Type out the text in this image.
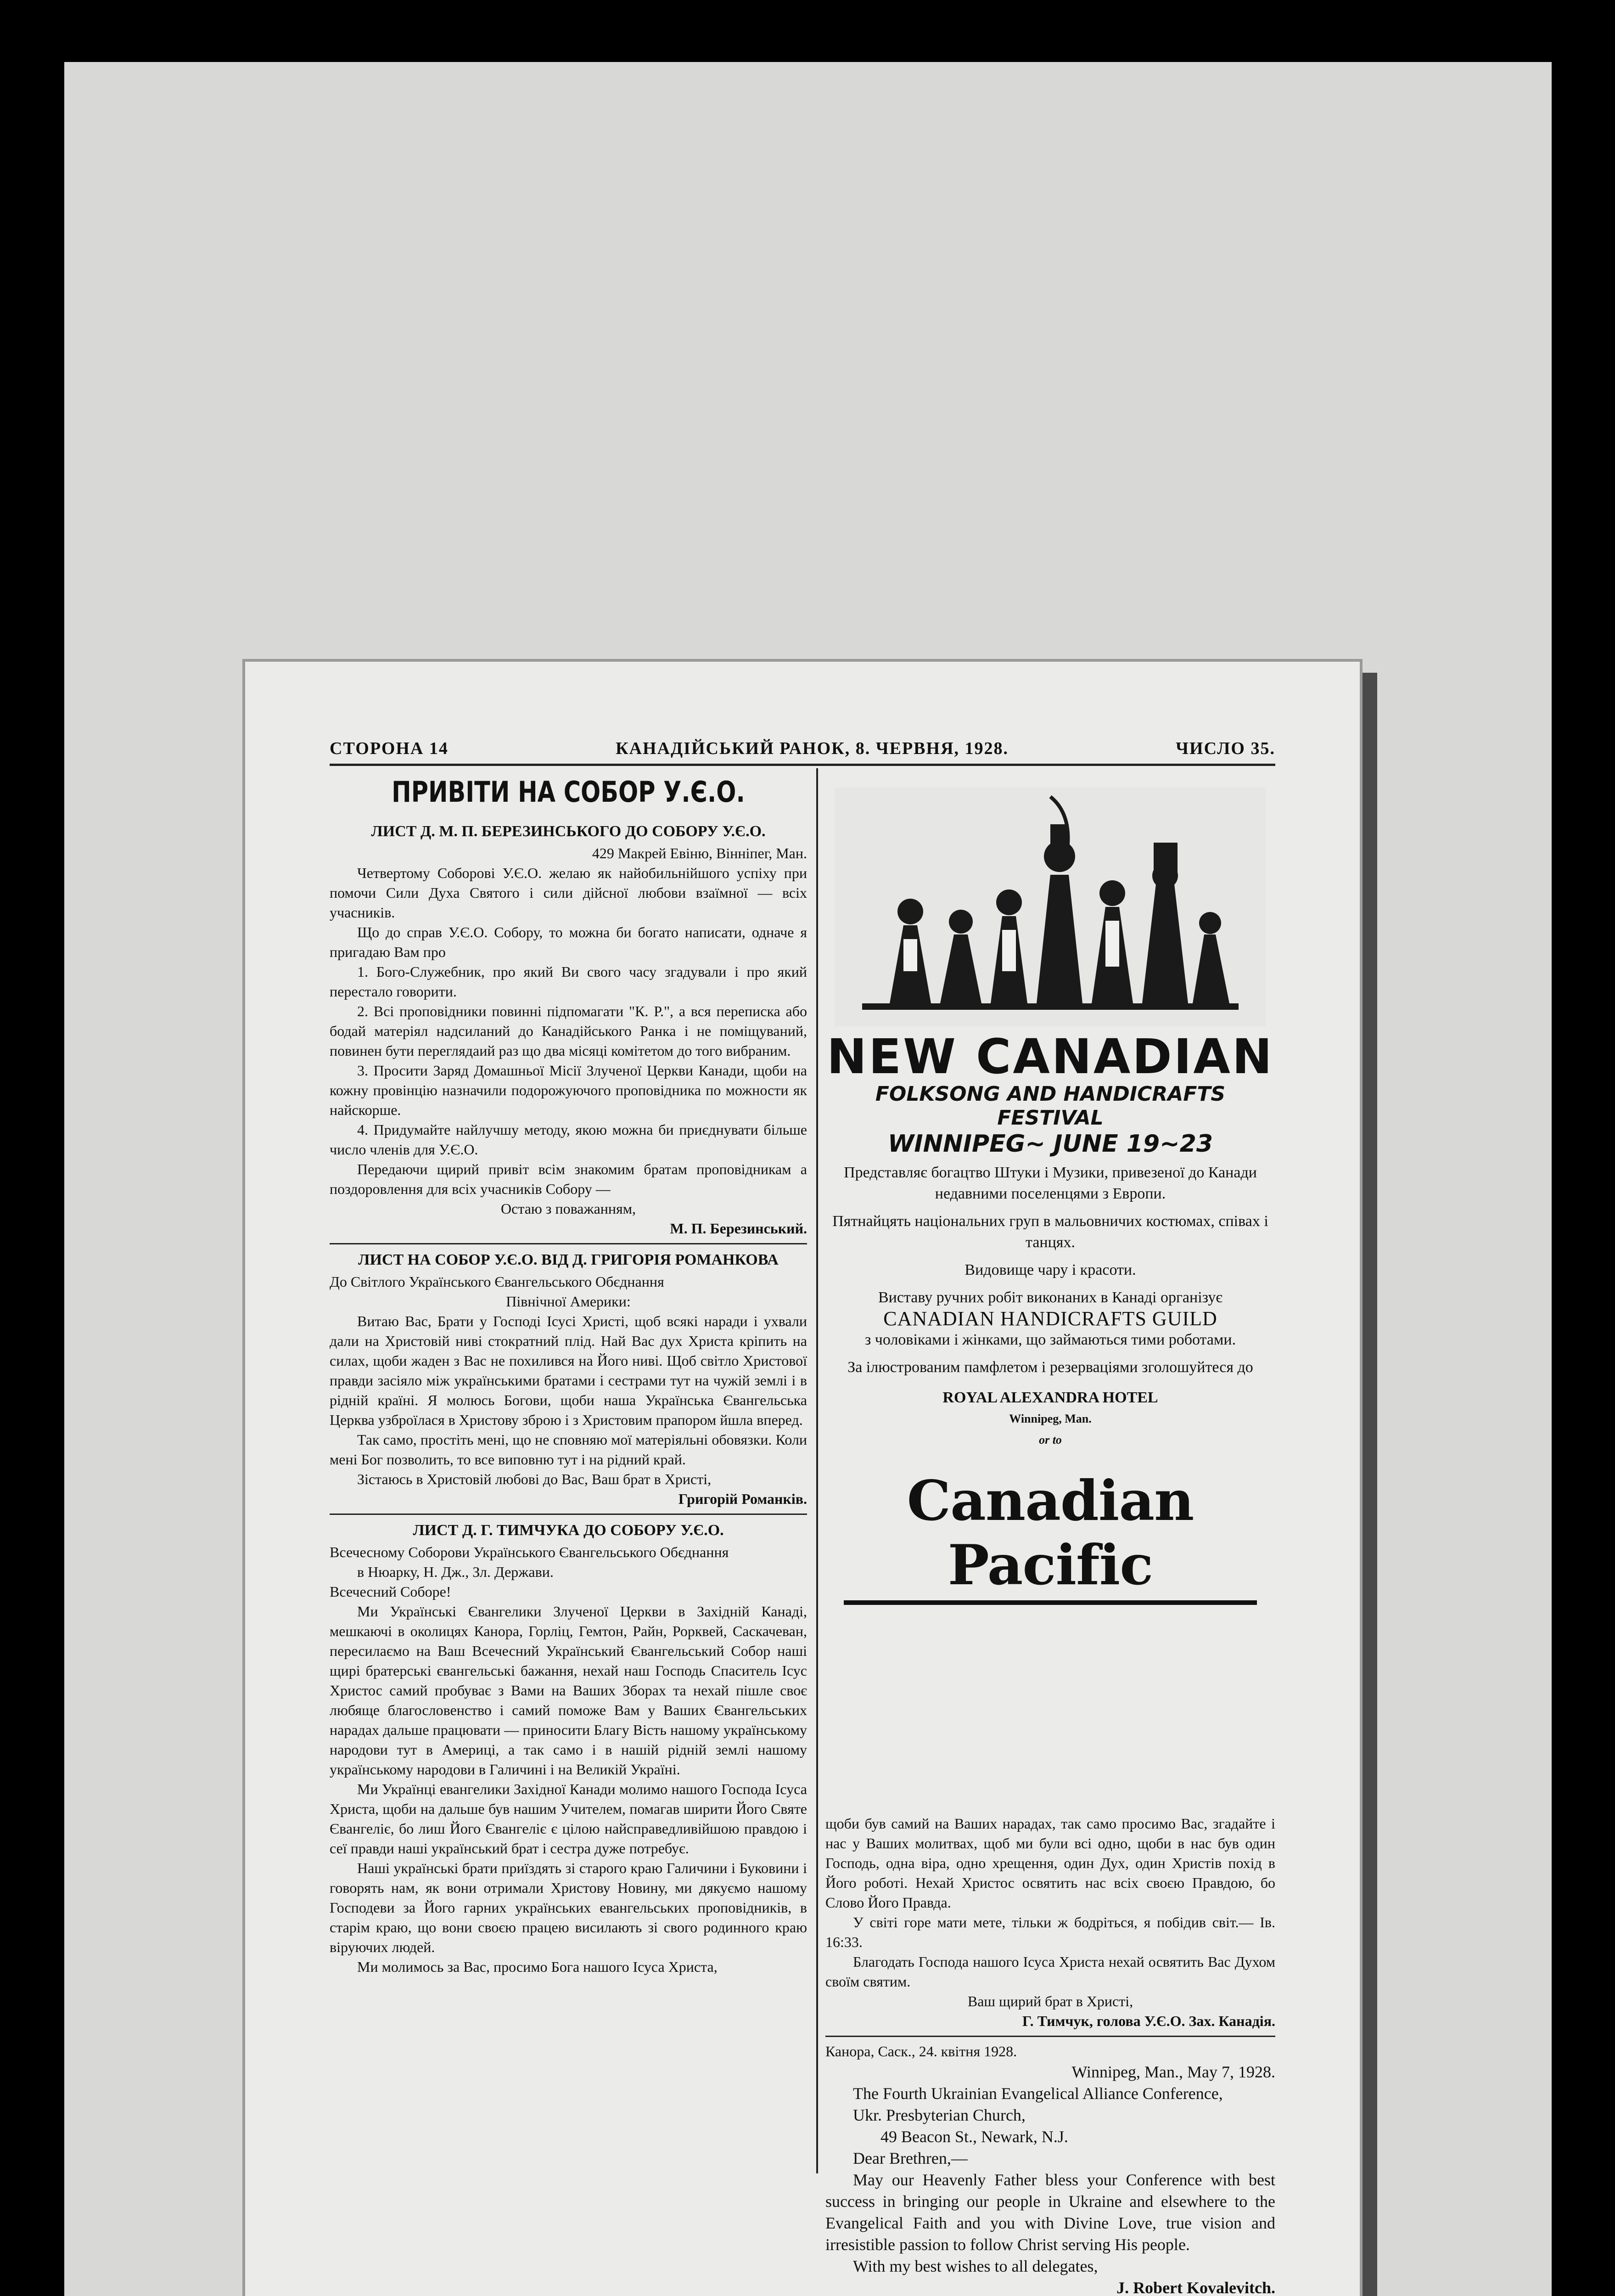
СТОРОНА 14	КАНАДІЙСЬКИЙ РАНОК, 8. ЧЕРВНЯ, 1928.	ЧИСЛО 35.
ПРИВІТИ НА СОБОР У.Є.О.
ЛИСТ Д. М. П. БЕРЕЗИНСЬКОГО ДО СОБОРУ У.Є.О.

429 Макрей Евіню, Вінніпег, Ман.

Четвертому Соборові У.Є.О. желаю як найобильнійшого успіху при помочи Сили Духа Святого і сили дійсної любови взаїмної — всіх учасників.

Що до справ У.Є.О. Собору, то можна би богато написати, одначе я пригадаю Вам про

1. Бого-Служебник, про який Ви свого часу згадували і про який перестало говорити.

2. Всі проповідники повинні підпомагати "К. Р.", а вся переписка або бодай матеріял надсиланий до Канадійського Ранка і не поміщуваний, повинен бути переглядаий раз що два місяці комітетом до того вибраним.

3. Просити Заряд Домашньої Місії Злученої Церкви Канади, щоби на кожну провінцію назначили подорожуючого проповідника по можности як найскорше.

4. Придумайте найлучшу методу, якою можна би приєднувати більше число членів для У.Є.О.

Передаючи щирий привіт всім знакомим братам проповідникам а поздоровлення для всіх учасників Собору —

Остаю з поважанням,

М. П. Березинський.

ЛИСТ НА СОБОР У.Є.О. ВІД Д. ГРИГОРІЯ РОМАНКОВА

До Світлого Українського Євангельського Обєднання

Північної Америки:

Витаю Вас, Брати у Господі Ісусі Христі, щоб всякі наради і ухвали дали на Христовій ниві стократний плід. Най Вас дух Христа кріпить на силах, щоби жаден з Вас не похилився на Його ниві. Щоб світло Христової правди засіяло між українськими братами і сестрами тут на чужій землі і в рідній країні. Я молюсь Богови, щоби наша Українська Євангельська Церква узброїлася в Христову зброю і з Христовим прапором йшла вперед.

Так само, простіть мені, що не сповняю мої матеріяльні обовязки. Коли мені Бог позволить, то все виповню тут і на рідний край.

Зістаюсь в Христовій любові до Вас, Ваш брат в Христі,

Григорій Романків.

ЛИСТ Д. Г. ТИМЧУКА ДО СОБОРУ У.Є.О.

Всечесному Соборови Українського Євангельського Обєднання

в Нюарку, Н. Дж., Зл. Держави.

Всечесний Соборе!

Ми Українські Євангелики Злученої Церкви в Західній Канаді, мешкаючі в околицях Канора, Горліц, Гемтон, Райн, Рорквей, Саскачеван, пересилаємо на Ваш Всечесний Український Євангельський Собор наші щирі братерські євангельські бажання, нехай наш Господь Спаситель Ісус Христос самий пробуває з Вами на Ваших Зборах та нехай пішле своє любяще благословенство і самий поможе Вам у Ваших Євангельських нарадах дальше працювати — приносити Благу Вість нашому українському народови тут в Америці, а так само і в нашій рідній землі нашому українському народови в Галичині і на Великій Україні.

Ми Українці евангелики Західної Канади молимо нашого Господа Ісуса Христа, щоби на дальше був нашим Учителем, помагав ширити Його Святе Євангеліє, бо лиш Його Євангеліє є цілою найсправедливійшою правдою і сеї правди наші український брат і сестра дуже потребує.

Наші українські брати приїздять зі старого краю Галичини і Буковини і говорять нам, як вони отримали Христову Новину, ми дякуємо нашому Господеви за Його гарних українських евангельських проповідників, в старім краю, що вони своєю працею висилають зі свого родинного краю віруючих людей.

Ми молимось за Вас, просимо Бога нашого Ісуса Христа,

NEW CANADIAN
FOLKSONG AND HANDICRAFTS FESTIVAL
WINNIPEG~ JUNE 19~23

Представляє богацтво Штуки і Музики, привезеної до Канади недавними поселенцями з Европи.

Пятнайцять національних груп в мальовничих костюмах, співах і танцях.

Видовище чару і красоти.

Виставу ручних робіт виконаних в Канаді організує

CANADIAN HANDICRAFTS GUILD

з чоловіками і жінками, що займаються тими роботами.

За ілюстрованим памфлетом і резерваціями зголошуйтеся до

ROYAL ALEXANDRA HOTEL

Winnipeg, Man.

or to

Canadian Pacific

щоби був самий на Ваших нарадах, так само просимо Вас, згадайте і нас у Ваших молитвах, щоб ми були всі одно, щоби в нас був один Господь, одна віра, одно хрещення, один Дух, один Христів похід в Його роботі. Нехай Христос освятить нас всіх своєю Правдою, бо Слово Його Правда.

У світі горе мати мете, тільки ж бодріться, я побідив світ.— Ів. 16:33.

Благодать Господа нашого Ісуса Христа нехай освятить Вас Духом своїм святим.

Ваш щирий брат в Христі,

Г. Тимчук, голова У.Є.О. Зах. Канадія.

Канора, Саск., 24. квітня 1928.

Winnipeg, Man., May 7, 1928.

The Fourth Ukrainian Evangelical Alliance Conference,

Ukr. Presbyterian Church,

49 Beacon St., Newark, N.J.

Dear Brethren,—

May our Heavenly Father bless your Conference with best success in bringing our people in Ukraine and elsewhere to the Evangelical Faith and you with Divine Love, true vision and irresistible passion to follow Christ serving His people.

With my best wishes to all delegates,

J. Robert Kovalevitch.
